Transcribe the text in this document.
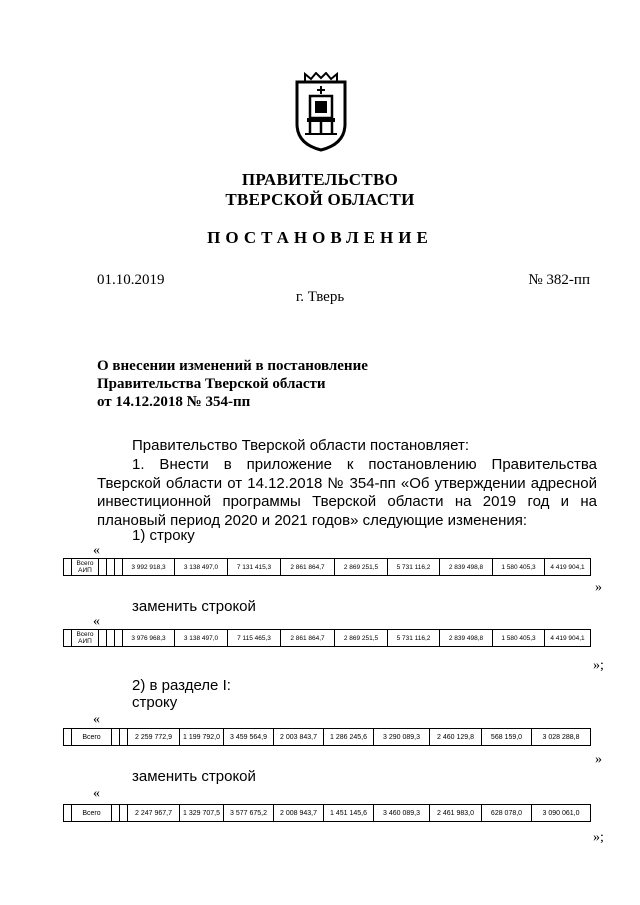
ПРАВИТЕЛЬСТВО
ТВЕРСКОЙ ОБЛАСТИ
ПОСТАНОВЛЕНИЕ
01.10.2019	№ 382-пп
г. Тверь
О внесении изменений в постановление
Правительства Тверской области
от 14.12.2018 № 354-пп
Правительство Тверской области постановляет:
1. Внести в приложение к постановлению Правительства Тверской области от 14.12.2018 № 354-пп «Об утверждении адресной инвестиционной программы Тверской области на 2019 год и на плановый период 2020 и 2021 годов» следующие изменения:
1) строку
«
	Всего АИП				3 992 918,3	3 138 497,0	7 131 415,3	2 861 864,7	2 869 251,5	5 731 116,2	2 839 498,8	1 580 405,3	4 419 904,1
»
заменить строкой
«
	Всего АИП				3 976 968,3	3 138 497,0	7 115 465,3	2 861 864,7	2 869 251,5	5 731 116,2	2 839 498,8	1 580 405,3	4 419 904,1
»;
2) в разделе I:
строку
«
	Всего			2 259 772,9	1 199 792,0	3 459 564,9	2 003 843,7	1 286 245,6	3 290 089,3	2 460 129,8	568 159,0	3 028 288,8
»
заменить строкой
«
	Всего			2 247 967,7	1 329 707,5	3 577 675,2	2 008 943,7	1 451 145,6	3 460 089,3	2 461 983,0	628 078,0	3 090 061,0
»;
